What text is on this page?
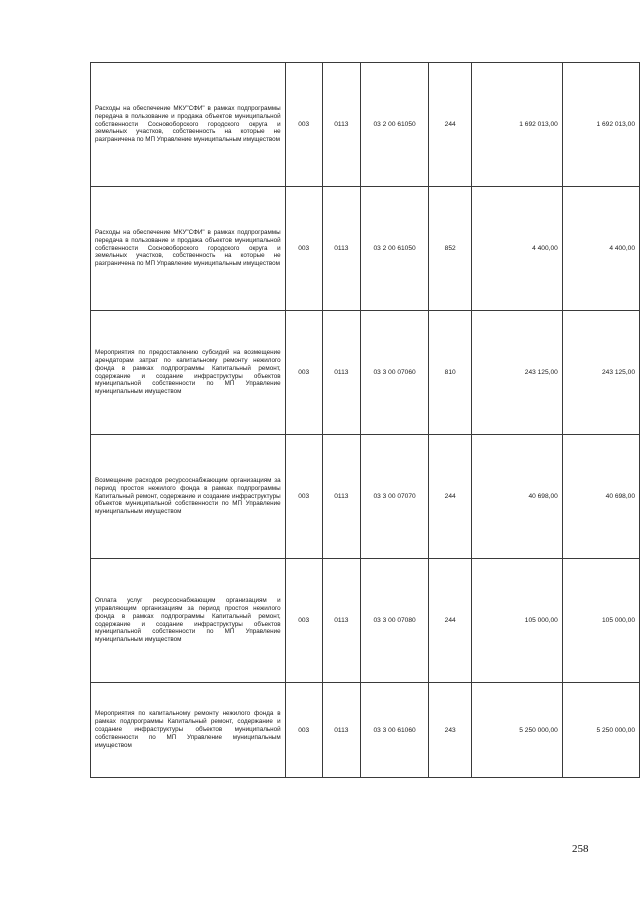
Расходы на обеспечение МКУ"СФИ" в рамках подпрограммы передача в пользование и продажа объектов муниципальной собственности Сосновоборского городского округа и земельных участков, собственность на которые не разграничена по МП Управление муниципальным имуществом	003	0113	03 2 00 61050	244	1 692 013,00	1 692 013,00
Расходы на обеспечение МКУ"СФИ" в рамках подпрограммы передача в пользование и продажа объектов муниципальной собственности Сосновоборского городского округа и земельных участков, собственность на которые не разграничена по МП Управление муниципальным имуществом	003	0113	03 2 00 61050	852	4 400,00	4 400,00
Мероприятия по предоставлению субсидий на возмещение арендаторам затрат по капитальному ремонту нежилого фонда в рамках подпрограммы Капитальный ремонт, содержание и создание инфраструктуры объектов муниципальной собственности по МП Управление муниципальным имуществом	003	0113	03 3 00 07060	810	243 125,00	243 125,00
Возмещение расходов ресурсоснабжающим организациям за период простоя нежилого фонда в рамках подпрограммы Капитальный ремонт, содержание и создание инфраструктуры объектов муниципальной собственности по МП Управление муниципальным имуществом	003	0113	03 3 00 07070	244	40 698,00	40 698,00
Оплата услуг ресурсоснабжающим организациям и управляющим организациям за период простоя нежилого фонда в рамках подпрограммы Капитальный ремонт, содержание и создание инфраструктуры объектов муниципальной собственности по МП Управление муниципальным имуществом	003	0113	03 3 00 07080	244	105 000,00	105 000,00
Мероприятия по капитальному ремонту нежилого фонда в рамках подпрограммы Капитальный ремонт, содержание и создание инфраструктуры объектов муниципальной собственности по МП Управление муниципальным имуществом	003	0113	03 3 00 61060	243	5 250 000,00	5 250 000,00
258
